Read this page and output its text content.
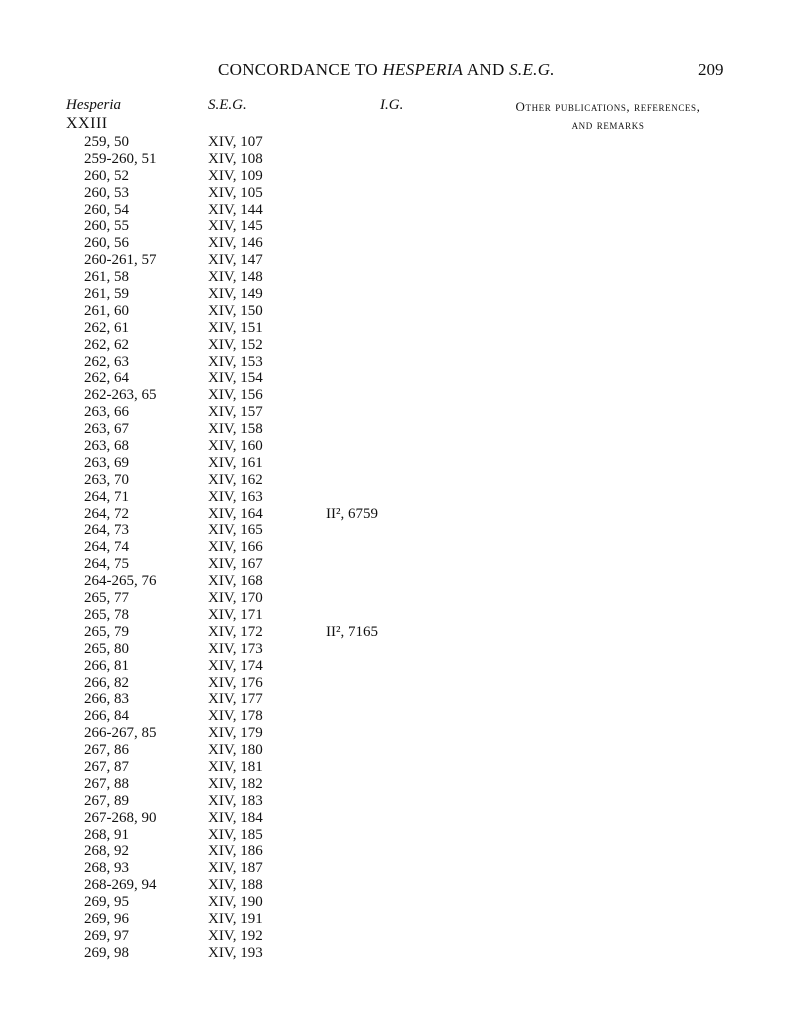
CONCORDANCE TO HESPERIA AND S.E.G.	209
Hesperia	S.E.G.	I.G.	Other publications, references,
and remarks
XXIII
259, 50	XIV, 107
259-260, 51	XIV, 108
260, 52	XIV, 109
260, 53	XIV, 105
260, 54	XIV, 144
260, 55	XIV, 145
260, 56	XIV, 146
260-261, 57	XIV, 147
261, 58	XIV, 148
261, 59	XIV, 149
261, 60	XIV, 150
262, 61	XIV, 151
262, 62	XIV, 152
262, 63	XIV, 153
262, 64	XIV, 154
262-263, 65	XIV, 156
263, 66	XIV, 157
263, 67	XIV, 158
263, 68	XIV, 160
263, 69	XIV, 161
263, 70	XIV, 162
264, 71	XIV, 163
264, 72	XIV, 164	II², 6759
264, 73	XIV, 165
264, 74	XIV, 166
264, 75	XIV, 167
264-265, 76	XIV, 168
265, 77	XIV, 170
265, 78	XIV, 171
265, 79	XIV, 172	II², 7165
265, 80	XIV, 173
266, 81	XIV, 174
266, 82	XIV, 176
266, 83	XIV, 177
266, 84	XIV, 178
266-267, 85	XIV, 179
267, 86	XIV, 180
267, 87	XIV, 181
267, 88	XIV, 182
267, 89	XIV, 183
267-268, 90	XIV, 184
268, 91	XIV, 185
268, 92	XIV, 186
268, 93	XIV, 187
268-269, 94	XIV, 188
269, 95	XIV, 190
269, 96	XIV, 191
269, 97	XIV, 192
269, 98	XIV, 193
